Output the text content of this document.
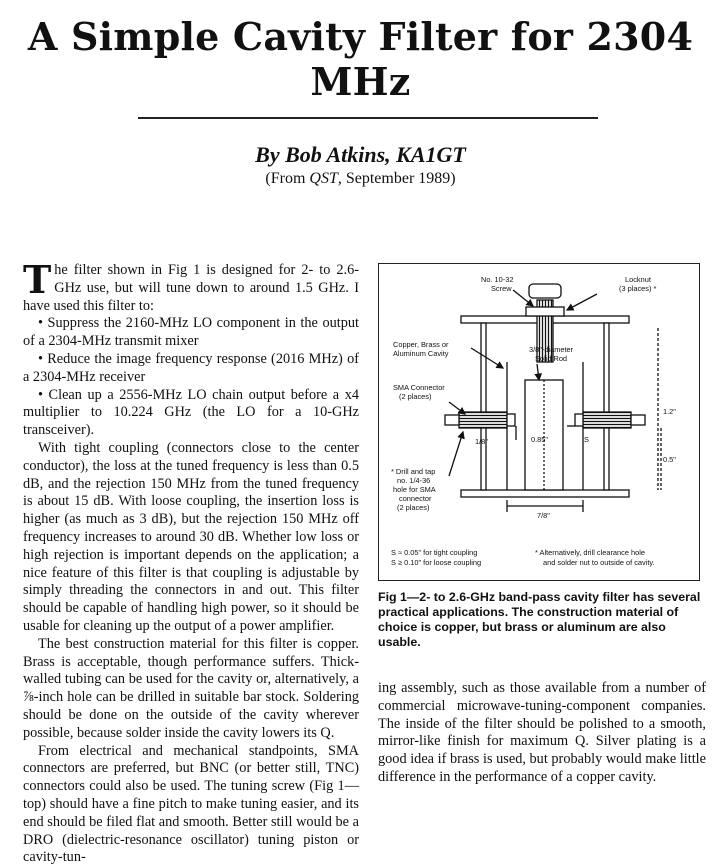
A Simple Cavity Filter for 2304 MHz
By Bob Atkins, KA1GT
(From QST, September 1989)

The filter shown in Fig 1 is designed for 2- to 2.6-GHz use, but will tune down to around 1.5 GHz. I have used this filter to:

• Suppress the 2160-MHz LO component in the output of a 2304-MHz transmit mixer

• Reduce the image frequency response (2016 MHz) of a 2304-MHz receiver

• Clean up a 2556-MHz LO chain output before a x4 multiplier to 10.224 GHz (the LO for a 10-GHz transceiver).

With tight coupling (connectors close to the center conductor), the loss at the tuned frequency is less than 0.5 dB, and the rejection 150 MHz from the tuned frequency is about 15 dB. With loose coupling, the insertion loss is higher (as much as 3 dB), but the rejection 150 MHz off frequency increases to around 30 dB. Whether low loss or high rejection is important depends on the application; a nice feature of this filter is that coupling is adjustable by simply threading the connectors in and out. This filter should be capable of handling high power, so it should be usable for cleaning up the output of a power amplifier.

The best construction material for this filter is copper. Brass is acceptable, though performance suffers. Thick-walled tubing can be used for the cavity or, alternatively, a ⅞-inch hole can be drilled in suitable bar stock. Soldering should be done on the outside of the cavity wherever possible, because solder inside the cavity lowers its Q.

From electrical and mechanical standpoints, SMA connectors are preferred, but BNC (or better still, TNC) connectors could also be used. The tuning screw (Fig 1—top) should have a fine pitch to make tuning easier, and its end should be filed flat and smooth. Better still would be a DRO (dielectric-resonance oscillator) tuning piston or cavity-tun-

No. 10-32
Screw
Locknut
(3 places) *
Copper, Brass or
Aluminum Cavity	3/8"-diameter
Solid Rod
SMA Connector
(2 places)
* Drill and tap
no. 1/4-36
hole for SMA
connector
(2 places)
1/8"	0.85"	S
1.2"
0.5"
7/8"
S ≈ 0.05" for tight coupling
S ≥ 0.10" for loose coupling
* Alternatively, drill clearance hole
and solder nut to outside of cavity.
Fig 1—2- to 2.6-GHz band-pass cavity filter has several practical applications. The construction material of choice is copper, but brass or aluminum are also usable.

ing assembly, such as those available from a number of commercial microwave-tuning-component companies. The inside of the filter should be polished to a smooth, mirror-like finish for maximum Q. Silver plating is a good idea if brass is used, but probably would make little difference in the performance of a copper cavity.
